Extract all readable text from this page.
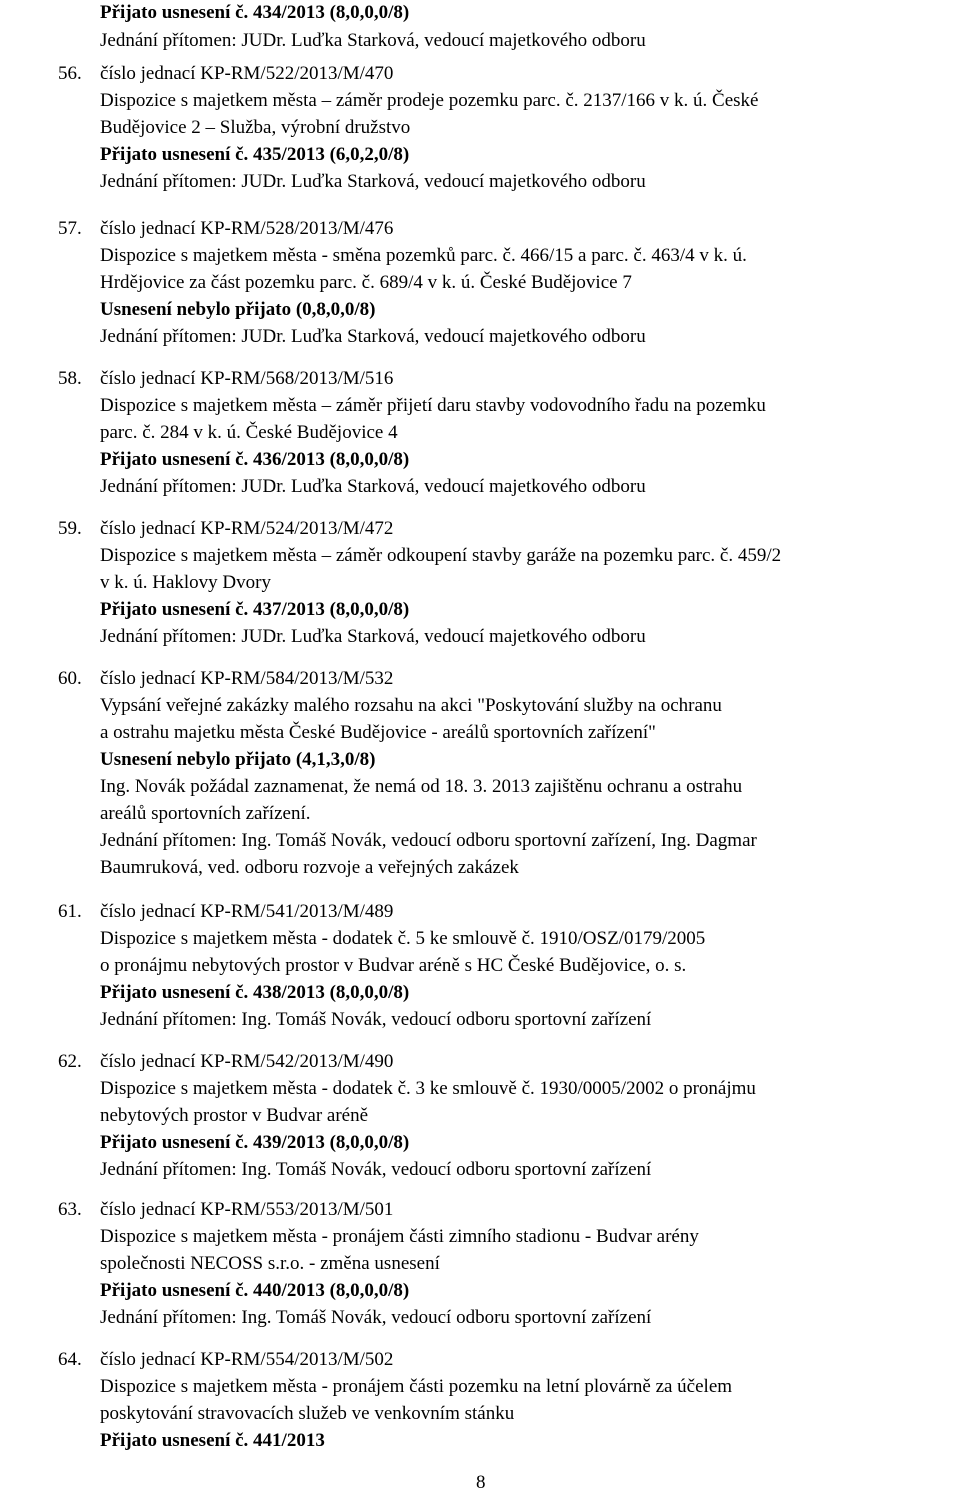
Přijato usnesení č. 434/2013 (8,0,0,0/8)
Jednání přítomen: JUDr. Luďka Starková, vedoucí majetkového odboru
56. číslo jednací KP-RM/522/2013/M/470
Dispozice s majetkem města – záměr prodeje pozemku parc. č. 2137/166 v k. ú. České
Budějovice 2 – Služba, výrobní družstvo
Přijato usnesení č. 435/2013 (6,0,2,0/8)
Jednání přítomen: JUDr. Luďka Starková, vedoucí majetkového odboru
57. číslo jednací KP-RM/528/2013/M/476
Dispozice s majetkem města - směna pozemků parc. č. 466/15 a parc. č. 463/4 v k. ú.
Hrdějovice za část pozemku parc. č. 689/4 v k. ú. České Budějovice 7
Usnesení nebylo přijato (0,8,0,0/8)
Jednání přítomen: JUDr. Luďka Starková, vedoucí majetkového odboru
58. číslo jednací KP-RM/568/2013/M/516
Dispozice s majetkem města – záměr přijetí daru stavby vodovodního řadu na pozemku
parc. č. 284 v k. ú. České Budějovice 4
Přijato usnesení č. 436/2013 (8,0,0,0/8)
Jednání přítomen: JUDr. Luďka Starková, vedoucí majetkového odboru
59. číslo jednací KP-RM/524/2013/M/472
Dispozice s majetkem města – záměr odkoupení stavby garáže na pozemku parc. č. 459/2
v k. ú. Haklovy Dvory
Přijato usnesení č. 437/2013 (8,0,0,0/8)
Jednání přítomen: JUDr. Luďka Starková, vedoucí majetkového odboru
60. číslo jednací KP-RM/584/2013/M/532
Vypsání veřejné zakázky malého rozsahu na akci "Poskytování služby na ochranu
a ostrahu majetku města České Budějovice - areálů sportovních zařízení"
Usnesení nebylo přijato (4,1,3,0/8)
Ing. Novák požádal zaznamenat, že nemá od 18. 3. 2013 zajištěnu ochranu a ostrahu
areálů sportovních zařízení.
Jednání přítomen: Ing. Tomáš Novák, vedoucí odboru sportovní zařízení, Ing. Dagmar
Baumruková, ved. odboru rozvoje a veřejných zakázek
61. číslo jednací KP-RM/541/2013/M/489
Dispozice s majetkem města - dodatek č. 5 ke smlouvě č. 1910/OSZ/0179/2005
o pronájmu nebytových prostor v Budvar aréně s HC České Budějovice, o. s.
Přijato usnesení č. 438/2013 (8,0,0,0/8)
Jednání přítomen: Ing. Tomáš Novák, vedoucí odboru sportovní zařízení
62. číslo jednací KP-RM/542/2013/M/490
Dispozice s majetkem města - dodatek č. 3 ke smlouvě č. 1930/0005/2002 o pronájmu
nebytových prostor v Budvar aréně
Přijato usnesení č. 439/2013 (8,0,0,0/8)
Jednání přítomen: Ing. Tomáš Novák, vedoucí odboru sportovní zařízení
63. číslo jednací KP-RM/553/2013/M/501
Dispozice s majetkem města - pronájem části zimního stadionu - Budvar arény
společnosti NECOSS s.r.o. - změna usnesení
Přijato usnesení č. 440/2013 (8,0,0,0/8)
Jednání přítomen: Ing. Tomáš Novák, vedoucí odboru sportovní zařízení
64. číslo jednací KP-RM/554/2013/M/502
Dispozice s majetkem města - pronájem části pozemku na letní plovárně za účelem
poskytování stravovacích služeb ve venkovním stánku
Přijato usnesení č. 441/2013
8
